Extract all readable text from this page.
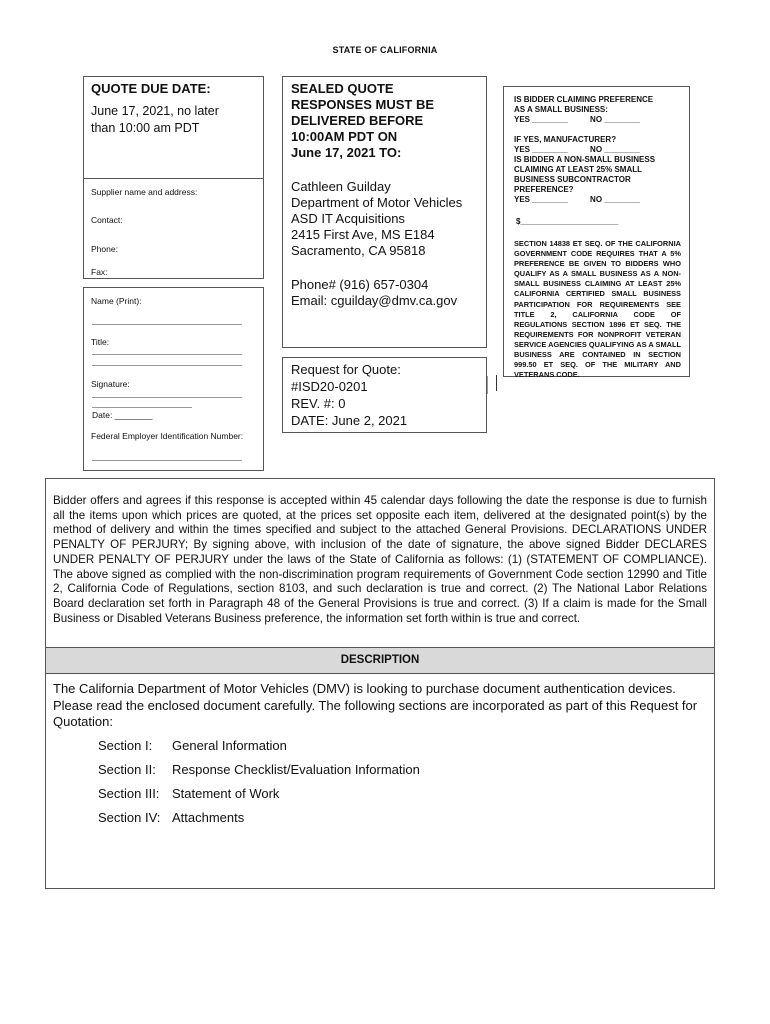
STATE OF CALIFORNIA
QUOTE DUE DATE:
June 17, 2021, no later
than 10:00 am PDT
Supplier name and address:
Contact:
Phone:
Fax:
Name (Print):
Title:
Signature:
Date: ________
Federal Employer Identification Number:
SEALED QUOTE
RESPONSES MUST BE
DELIVERED BEFORE
10:00AM PDT ON
June 17, 2021 TO:
Cathleen Guilday
Department of Motor Vehicles
ASD IT Acquisitions
2415 First Ave, MS E184
Sacramento, CA 95818
Phone# (916) 657-0304
Email: cguilday@dmv.ca.gov
Request for Quote:
#ISD20-0201
REV. #: 0
DATE: June 2, 2021
IS BIDDER CLAIMING PREFERENCE
AS A SMALL BUSINESS:
YES ________          NO ________
IF YES, MANUFACTURER?
YES ________          NO ________
IS BIDDER A NON-SMALL BUSINESS
CLAIMING AT LEAST 25% SMALL
BUSINESS SUBCONTRACTOR
PREFERENCE?
YES ________          NO ________
$______________________
SECTION 14838 ET SEQ. OF THE CALIFORNIA GOVERNMENT CODE REQUIRES THAT A 5% PREFERENCE BE GIVEN TO BIDDERS WHO QUALIFY AS A SMALL BUSINESS AS A NON-SMALL BUSINESS CLAIMING AT LEAST 25% CALIFORNIA CERTIFIED SMALL BUSINESS PARTICIPATION FOR REQUIREMENTS SEE TITLE 2, CALIFORNIA CODE OF REGULATIONS SECTION 1896 ET SEQ. THE REQUIREMENTS FOR NONPROFIT VETERAN SERVICE AGENCIES QUALIFYING AS A SMALL BUSINESS ARE CONTAINED IN SECTION 999.50 ET SEQ. OF THE MILITARY AND VETERANS CODE.
Bidder offers and agrees if this response is accepted within 45 calendar days following the date the response is due to furnish all the items upon which prices are quoted, at the prices set opposite each item, delivered at the designated point(s) by the method of delivery and within the times specified and subject to the attached General Provisions. DECLARATIONS UNDER PENALTY OF PERJURY; By signing above, with inclusion of the date of signature, the above signed Bidder DECLARES UNDER PENALTY OF PERJURY under the laws of the State of California as follows: (1) (STATEMENT OF COMPLIANCE). The above signed as complied with the non-discrimination program requirements of Government Code section 12990 and Title 2, California Code of Regulations, section 8103, and such declaration is true and correct. (2) The National Labor Relations Board declaration set forth in Paragraph 48 of the General Provisions is true and correct. (3) If a claim is made for the Small Business or Disabled Veterans Business preference, the information set forth within is true and correct.
DESCRIPTION
The California Department of Motor Vehicles (DMV) is looking to purchase document authentication devices. Please read the enclosed document carefully. The following sections are incorporated as part of this Request for Quotation:
Section I: General Information
Section II: Response Checklist/Evaluation Information
Section III: Statement of Work
Section IV: Attachments
